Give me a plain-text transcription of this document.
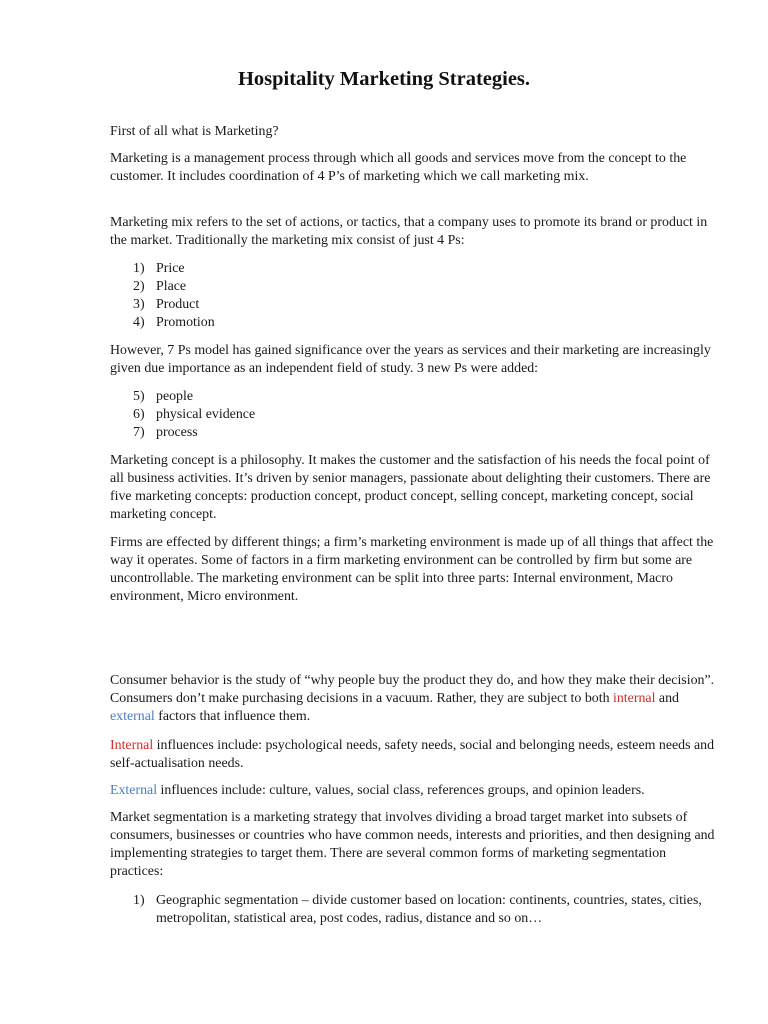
Hospitality Marketing Strategies.

First of all what is Marketing?

Marketing is a management process through which all goods and services move from the concept to the customer. It includes coordination of 4 P’s of marketing which we call marketing mix.

Marketing mix refers to the set of actions, or tactics, that a company uses to promote its brand or product in the market. Traditionally the marketing mix consist of just 4 Ps:

1) Price
2) Place
3) Product
4) Promotion

However, 7 Ps model has gained significance over the years as services and their marketing are increasingly given due importance as an independent field of study. 3 new Ps were added:

5) people
6) physical evidence
7) process

Marketing concept is a philosophy. It makes the customer and the satisfaction of his needs the focal point of all business activities. It’s driven by senior managers, passionate about delighting their customers. There are five marketing concepts: production concept, product concept, selling concept, marketing concept, social marketing concept.

Firms are effected by different things; a firm’s marketing environment is made up of all things that affect the way it operates. Some of factors in a firm marketing environment can be controlled by firm but some are uncontrollable. The marketing environment can be split into three parts: Internal environment, Macro environment, Micro environment.

Consumer behavior is the study of “why people buy the product they do, and how they make their decision”. Consumers don’t make purchasing decisions in a vacuum. Rather, they are subject to both internal and external factors that influence them.

Internal influences include: psychological needs, safety needs, social and belonging needs, esteem needs and self-actualisation needs.

External influences include: culture, values, social class, references groups, and opinion leaders.

Market segmentation is a marketing strategy that involves dividing a broad target market into subsets of consumers, businesses or countries who have common needs, interests and priorities, and then designing and implementing strategies to target them. There are several common forms of marketing segmentation practices:

1) Geographic segmentation – divide customer based on location: continents, countries, states, cities, metropolitan, statistical area, post codes, radius, distance and so on…
